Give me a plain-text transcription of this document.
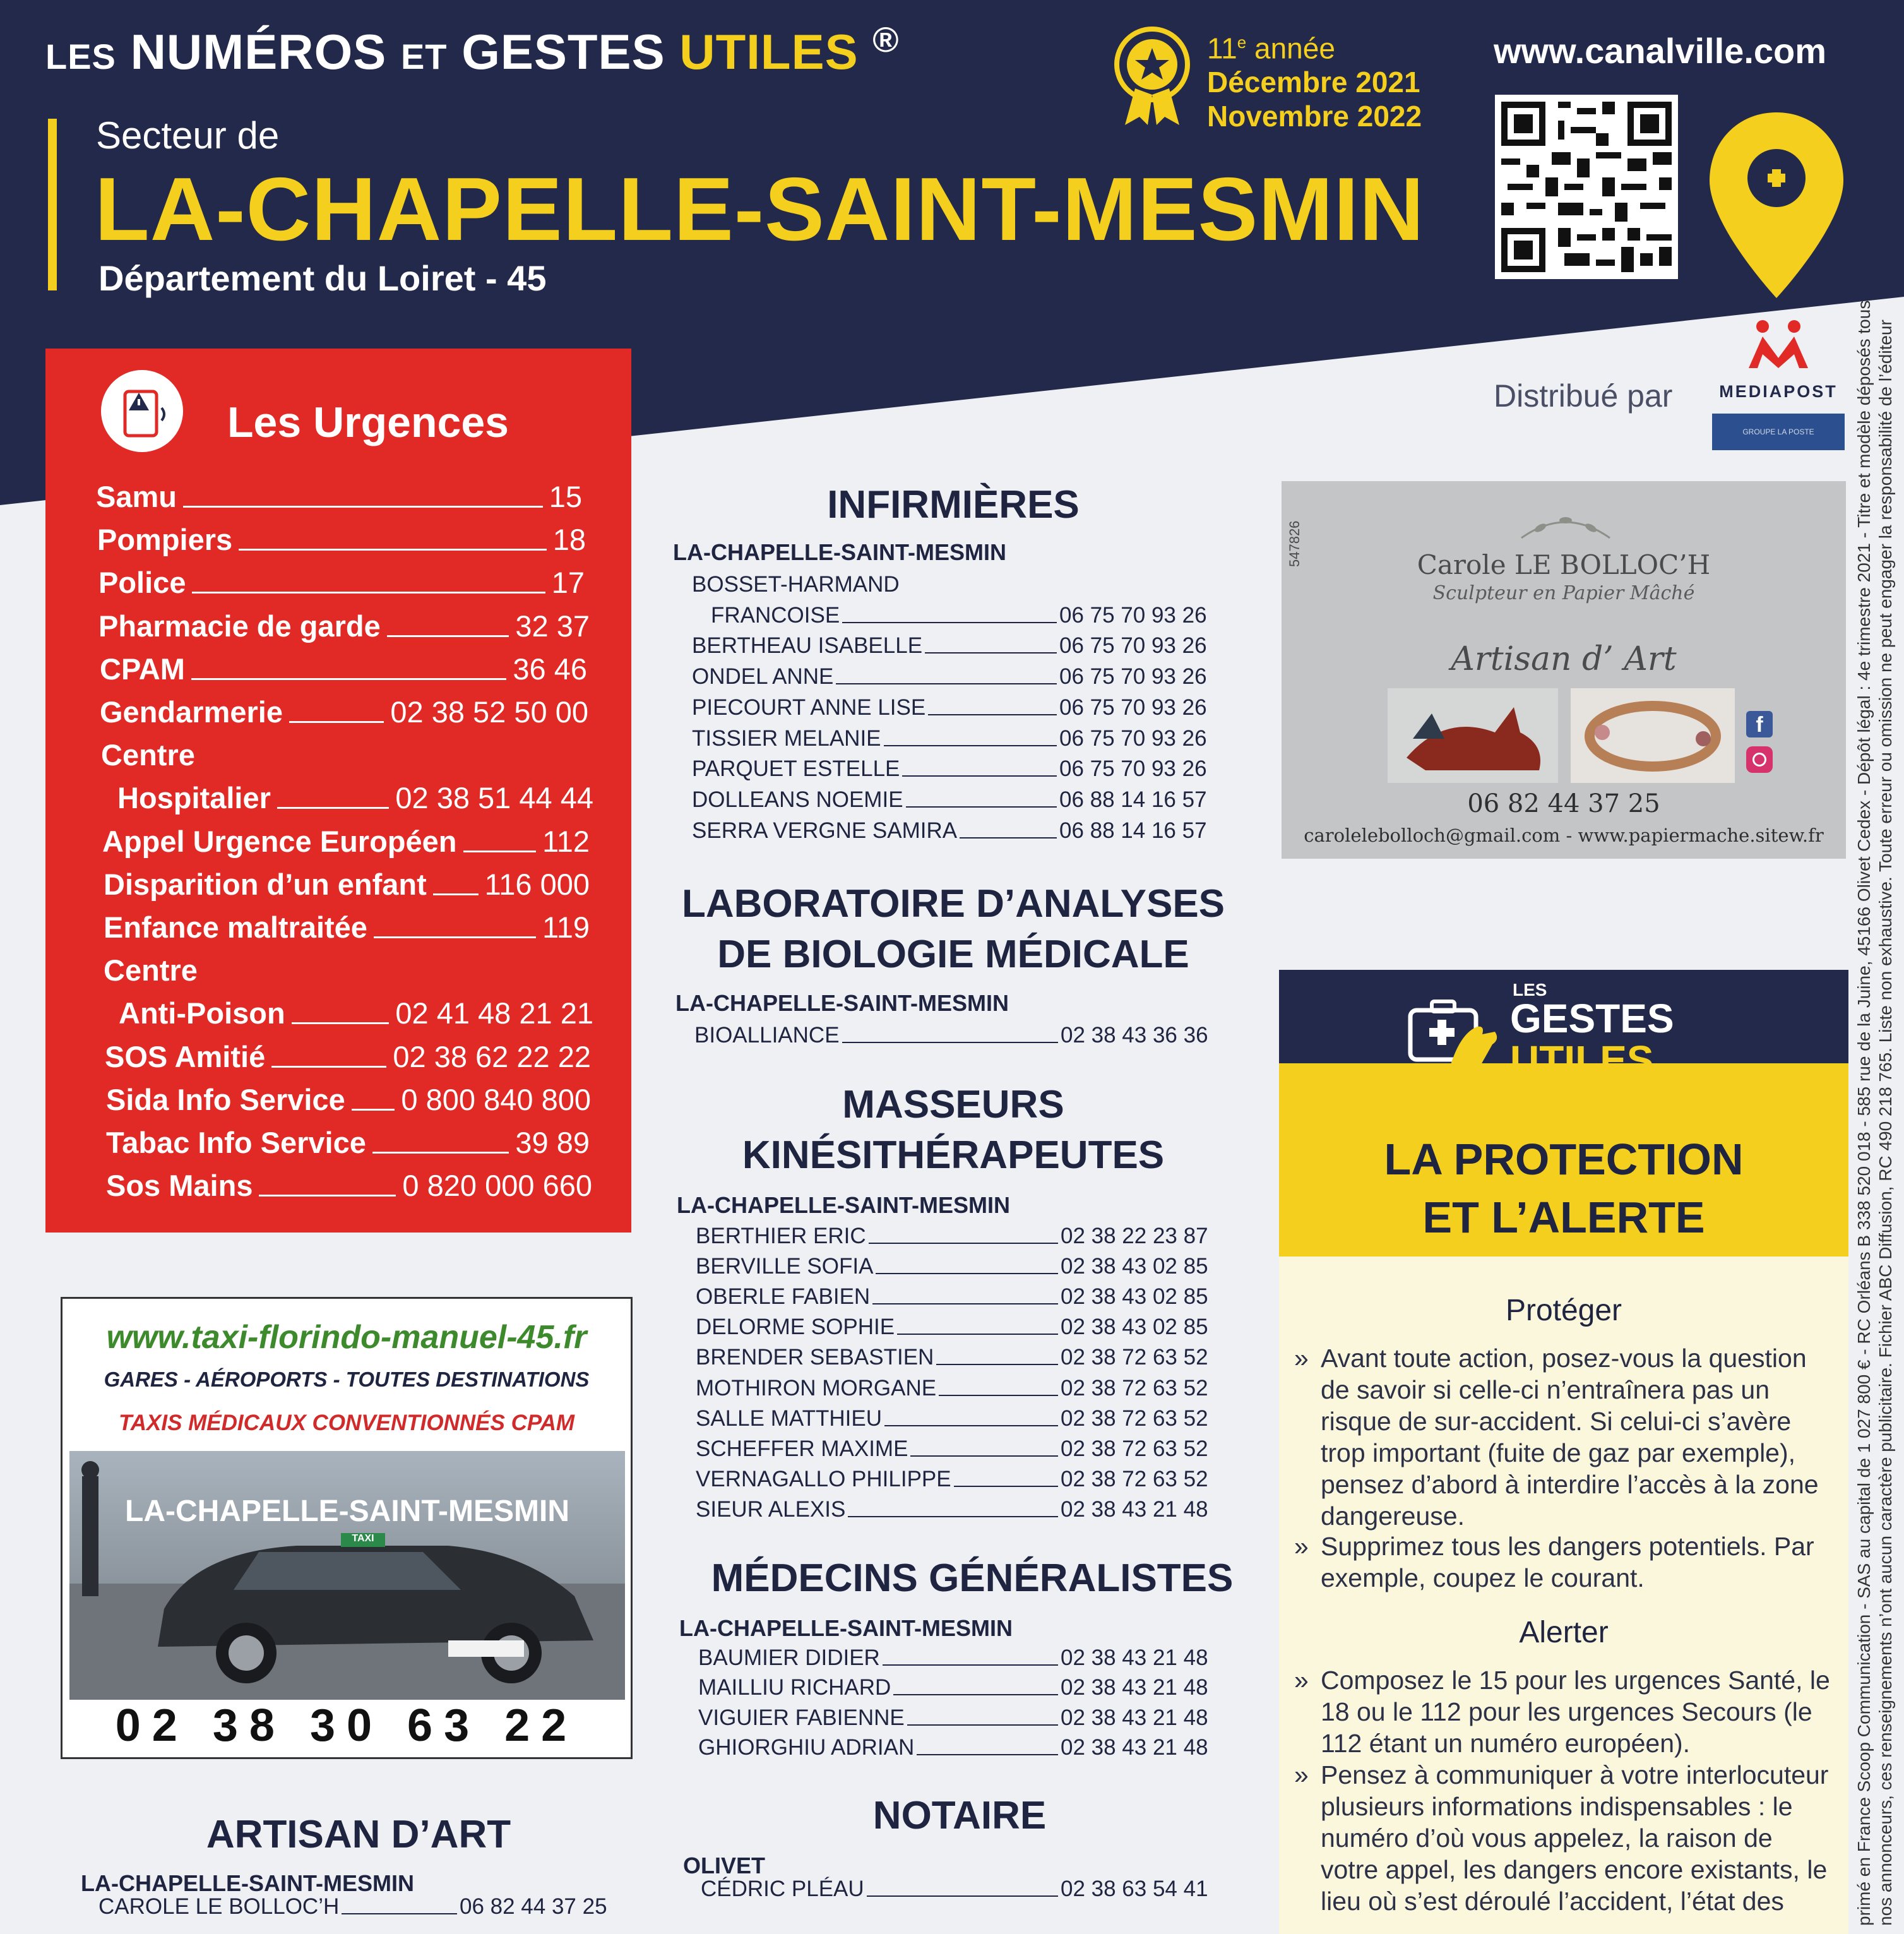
LES NUMÉROS ET GESTES UTILES ®	11e année
Décembre 2021
Novembre 2022
www.canalville.com
Secteur de
LA-CHAPELLE-SAINT-MESMIN
Département du Loiret - 45
Distribué par	MEDIAPOST
GROUPE LA POSTE
Les Urgences
Samu	15
Pompiers	18
Police	17
Pharmacie de garde	32 37
CPAM	36 46
Gendarmerie	02 38 52 50 00
Centre
Hospitalier	02 38 51 44 44
Appel Urgence Européen	112
Disparition d’un enfant 116 000
Enfance maltraitée	119
Centre
Anti-Poison	02 41 48 21 21
SOS Amitié	02 38 62 22 22
Sida Info Service 0 800 840 800
Tabac Info Service	39 89
Sos Mains	0 820 000 660
INFIRMIÈRES
LA-CHAPELLE-SAINT-MESMIN
BOSSET-HARMAND
FRANCOISE	06 75 70 93 26
BERTHEAU ISABELLE	06 75 70 93 26
ONDEL ANNE	06 75 70 93 26
PIECOURT ANNE LISE	06 75 70 93 26
TISSIER MELANIE	06 75 70 93 26
PARQUET ESTELLE	06 75 70 93 26
DOLLEANS NOEMIE	06 88 14 16 57
SERRA VERGNE SAMIRA	06 88 14 16 57
LABORATOIRE D’ANALYSES
DE BIOLOGIE MÉDICALE
LA-CHAPELLE-SAINT-MESMIN
BIOALLIANCE	02 38 43 36 36
MASSEURS
KINÉSITHÉRAPEUTES
LA-CHAPELLE-SAINT-MESMIN
BERTHIER ERIC	02 38 22 23 87
BERVILLE SOFIA	02 38 43 02 85
OBERLE FABIEN	02 38 43 02 85
DELORME SOPHIE	02 38 43 02 85
BRENDER SEBASTIEN	02 38 72 63 52
MOTHIRON MORGANE	02 38 72 63 52
SALLE MATTHIEU	02 38 72 63 52
SCHEFFER MAXIME	02 38 72 63 52
VERNAGALLO PHILIPPE	02 38 72 63 52
SIEUR ALEXIS	02 38 43 21 48
MÉDECINS GÉNÉRALISTES
LA-CHAPELLE-SAINT-MESMIN
BAUMIER DIDIER	02 38 43 21 48
MAILLIU RICHARD	02 38 43 21 48
VIGUIER FABIENNE	02 38 43 21 48
GHIORGHIU ADRIAN	02 38 43 21 48
NOTAIRE
OLIVET
CÉDRIC PLÉAU	02 38 63 54 41
ARTISAN D’ART
LA-CHAPELLE-SAINT-MESMIN
CAROLE LE BOLLOC’H	06 82 44 37 25
547826	Carole LE BOLLOC’H
Sculpteur en Papier Mâché
Artisan d’ Art
f
06 82 44 37 25
carolelebolloch@gmail.com - www.papiermache.sitew.fr
LES
GESTES
UTILES
LA PROTECTION
ET L’ALERTE
Protéger
» Avant toute action, posez-vous la question de savoir si celle-ci n’entraînera pas un risque de sur-accident. Si celui-ci s’avère trop important (fuite de gaz par exemple), pensez d’abord à interdire l’accès à la zone dangereuse.
» Supprimez tous les dangers potentiels. Par exemple, coupez le courant.
Alerter
» Composez le 15 pour les urgences Santé, le 18 ou le 112 pour les urgences Secours (le 112 étant un numéro européen).
» Pensez à communiquer à votre interlocuteur plusieurs informations indispensables : le numéro d’où vous appelez, la raison de votre appel, les dangers encore existants, le lieu où s’est déroulé l’accident, l’état des
www.taxi-florindo-manuel-45.fr
GARES - AÉROPORTS - TOUTES DESTINATIONS
TAXIS MÉDICAUX CONVENTIONNÉS CPAM
TAXI
LA-CHAPELLE-SAINT-MESMIN
02 38 30 63 22	primé en France Scoop Communication - SAS au capital de 1 027 800 € - RC Orléans B 338 520 018 - 585 rue de la Juine, 45166 Olivet Cedex - Dépôt légal : 4e trimestre 2021 - Titre et modèle déposés tous nos annonceurs, ces renseignements n’ont aucun caractère publicitaire. Fichier ABC Diffusion, RC 490 218 765. Liste non exhaustive. Toute erreur ou omission ne peut engager la responsabilité de l’éditeur
